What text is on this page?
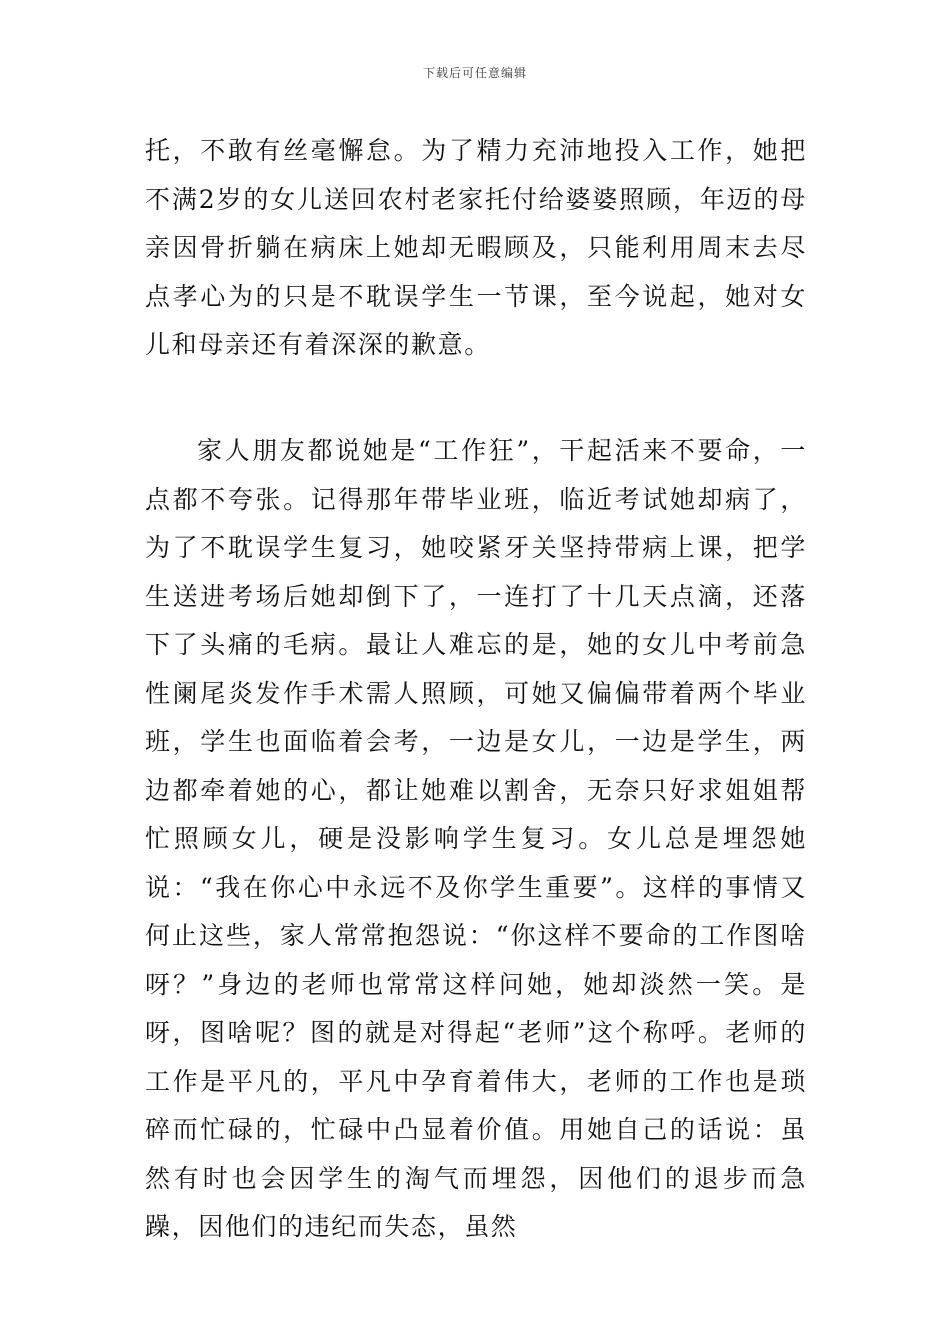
下载后可任意编辑

托，不敢有丝毫懈怠。为了精力充沛地投入工作，她把不满2岁的女儿送回农村老家托付给婆婆照顾，年迈的母亲因骨折躺在病床上她却无暇顾及，只能利用周末去尽点孝心为的只是不耽误学生一节课，至今说起，她对女儿和母亲还有着深深的歉意。

家人朋友都说她是“工作狂”，干起活来不要命，一点都不夸张。记得那年带毕业班，临近考试她却病了，为了不耽误学生复习，她咬紧牙关坚持带病上课，把学生送进考场后她却倒下了，一连打了十几天点滴，还落下了头痛的毛病。最让人难忘的是，她的女儿中考前急性阑尾炎发作手术需人照顾，可她又偏偏带着两个毕业班，学生也面临着会考，一边是女儿，一边是学生，两边都牵着她的心，都让她难以割舍，无奈只好求姐姐帮忙照顾女儿，硬是没影响学生复习。女儿总是埋怨她说：“我在你心中永远不及你学生重要”。这样的事情又何止这些，家人常常抱怨说：“你这样不要命的工作图啥呀？”身边的老师也常常这样问她，她却淡然一笑。是呀，图啥呢？图的就是对得起“老师”这个称呼。老师的工作是平凡的，平凡中孕育着伟大，老师的工作也是琐碎而忙碌的，忙碌中凸显着价值。用她自己的话说：虽然有时也会因学生的淘气而埋怨，因他们的退步而急躁，因他们的违纪而失态，虽然
